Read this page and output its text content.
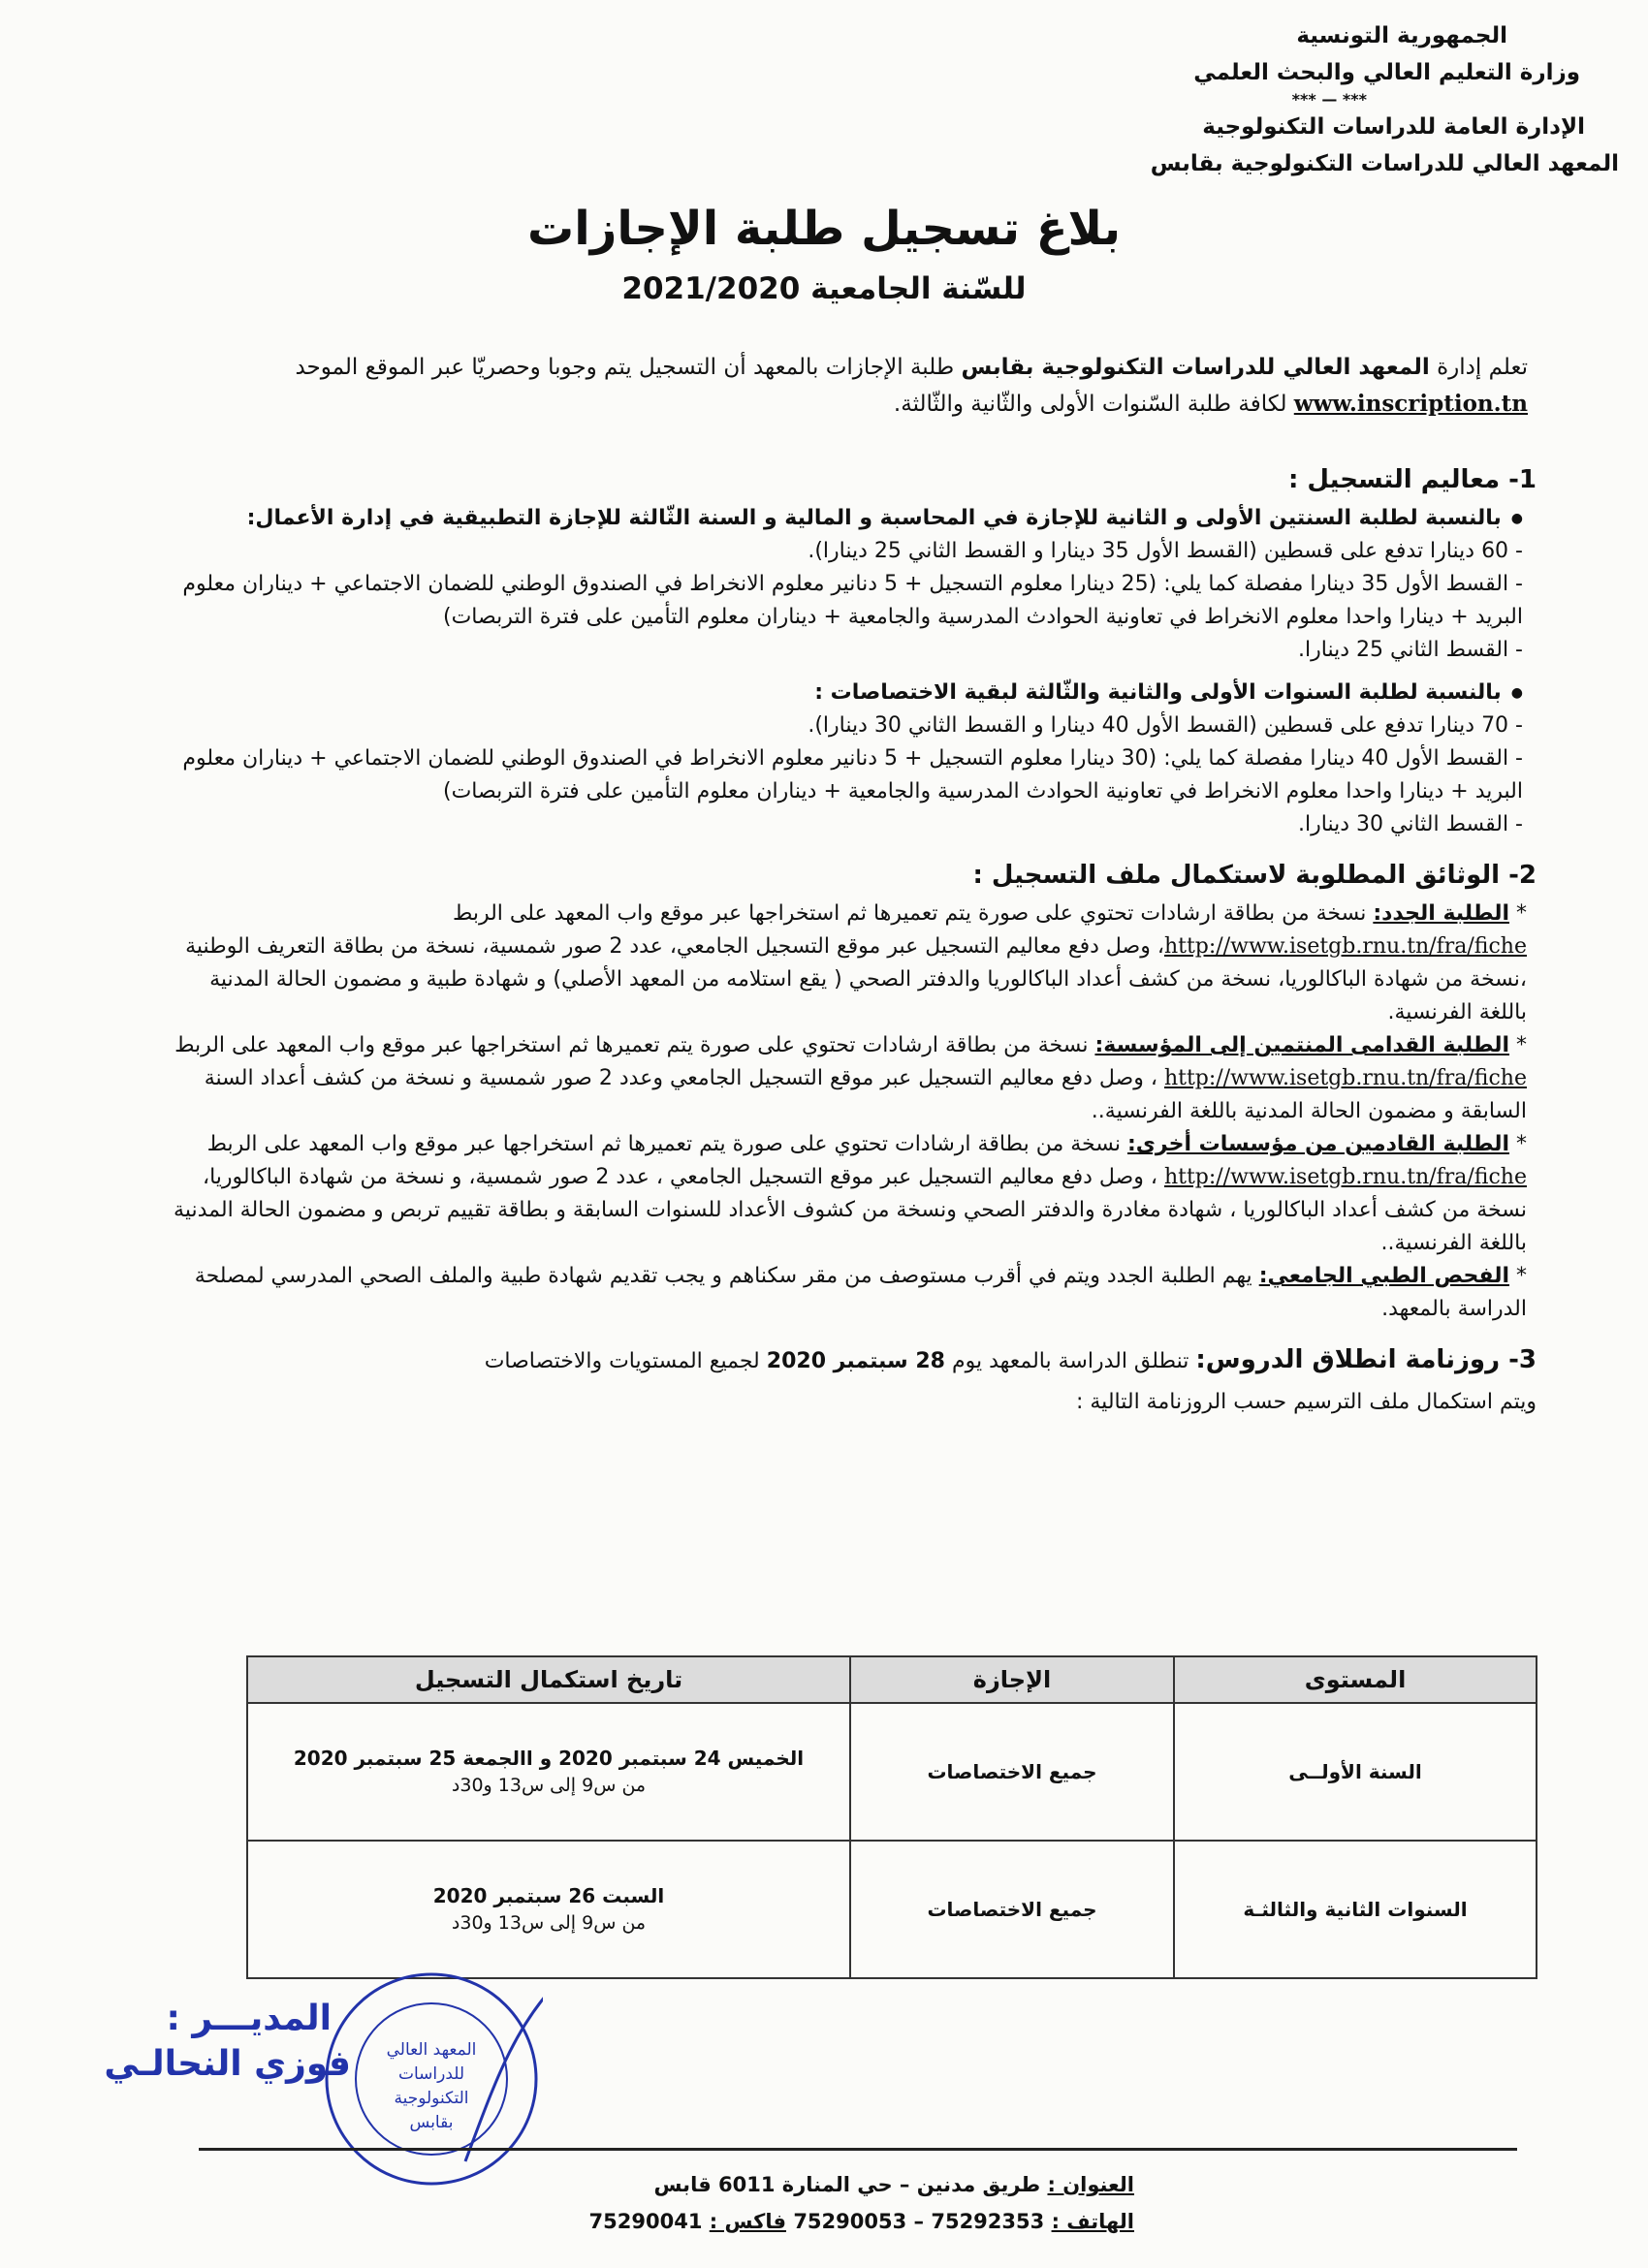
الجمهورية التونسية
وزارة التعليم العالي والبحث العلمي
*** — ***
الإدارة العامة للدراسات التكنولوجية
المعهد العالي للدراسات التكنولوجية بقابس
بلاغ تسجيل طلبة الإجازات
للسّنة الجامعية 2021/2020
تعلم إدارة المعهد العالي للدراسات التكنولوجية بقابس طلبة الإجازات بالمعهد أن التسجيل يتم وجوبا وحصريّا عبر الموقع الموحد
www.inscription.tn لكافة طلبة السّنوات الأولى والثّانية والثّالثة.
1- معاليم التسجيل :
● بالنسبة لطلبة السنتين الأولى و الثانية للإجازة في المحاسبة و المالية و السنة الثّالثة للإجازة التطبيقية في إدارة الأعمال:
- 60 دينارا تدفع على قسطين (القسط الأول 35 دينارا و القسط الثاني 25 دينارا).
- القسط الأول 35 دينارا مفصلة كما يلي: (25 دينارا معلوم التسجيل + 5 دنانير معلوم الانخراط في الصندوق الوطني للضمان الاجتماعي + ديناران معلوم البريد + دينارا واحدا معلوم الانخراط في تعاونية الحوادث المدرسية والجامعية + ديناران معلوم التأمين على فترة التربصات)
- القسط الثاني 25 دينارا.
● بالنسبة لطلبة السنوات الأولى والثانية والثّالثة لبقية الاختصاصات :
- 70 دينارا تدفع على قسطين (القسط الأول 40 دينارا و القسط الثاني 30 دينارا).
- القسط الأول 40 دينارا مفصلة كما يلي: (30 دينارا معلوم التسجيل + 5 دنانير معلوم الانخراط في الصندوق الوطني للضمان الاجتماعي + ديناران معلوم البريد + دينارا واحدا معلوم الانخراط في تعاونية الحوادث المدرسية والجامعية + ديناران معلوم التأمين على فترة التربصات)
- القسط الثاني 30 دينارا.
2- الوثائق المطلوبة لاستكمال ملف التسجيل :
* الطلبة الجدد: نسخة من بطاقة ارشادات تحتوي على صورة يتم تعميرها ثم استخراجها عبر موقع واب المعهد على الربط http://www.isetgb.rnu.tn/fra/fiche، وصل دفع معاليم التسجيل عبر موقع التسجيل الجامعي، عدد 2 صور شمسية، نسخة من بطاقة التعريف الوطنية ،نسخة من شهادة الباكالوريا، نسخة من كشف أعداد الباكالوريا والدفتر الصحي ( يقع استلامه من المعهد الأصلي) و شهادة طبية و مضمون الحالة المدنية باللغة الفرنسية.
* الطلبة القدامى المنتمين إلى المؤسسة: نسخة من بطاقة ارشادات تحتوي على صورة يتم تعميرها ثم استخراجها عبر موقع واب المعهد على الربط http://www.isetgb.rnu.tn/fra/fiche ، وصل دفع معاليم التسجيل عبر موقع التسجيل الجامعي وعدد 2 صور شمسية و نسخة من كشف أعداد السنة السابقة و مضمون الحالة المدنية باللغة الفرنسية..
* الطلبة القادمين من مؤسسات أخرى: نسخة من بطاقة ارشادات تحتوي على صورة يتم تعميرها ثم استخراجها عبر موقع واب المعهد على الربط http://www.isetgb.rnu.tn/fra/fiche ، وصل دفع معاليم التسجيل عبر موقع التسجيل الجامعي ، عدد 2 صور شمسية، و نسخة من شهادة الباكالوريا، نسخة من كشف أعداد الباكالوريا ، شهادة مغادرة والدفتر الصحي ونسخة من كشوف الأعداد للسنوات السابقة و بطاقة تقييم تربص و مضمون الحالة المدنية باللغة الفرنسية..
* الفحص الطبي الجامعي: يهم الطلبة الجدد ويتم في أقرب مستوصف من مقر سكناهم و يجب تقديم شهادة طبية والملف الصحي المدرسي لمصلحة الدراسة بالمعهد.
3- روزنامة انطلاق الدروس: تنطلق الدراسة بالمعهد يوم 28 سبتمبر 2020 لجميع المستويات والاختصاصات
ويتم استكمال ملف الترسيم حسب الروزنامة التالية :
المستوى	الإجازة	تاريخ استكمال التسجيل
السنة الأولــى	جميع الاختصاصات	الخميس 24 سبتمبر 2020 و االجمعة 25 سبتمبر 2020
من س9 إلى س13 و30د

السنوات الثانية والثالثـة	جميع الاختصاصات	السبت 26 سبتمبر 2020
من س9 إلى س13 و30د
المديـــر :
فوزي النحالـي	المعهد العالي
للدراسات
التكنولوجية
بقابس
العنوان : طريق مدنين – حي المنارة 6011 قابس
الهاتف : 75292353 – 75290053 فاكس : 75290041
